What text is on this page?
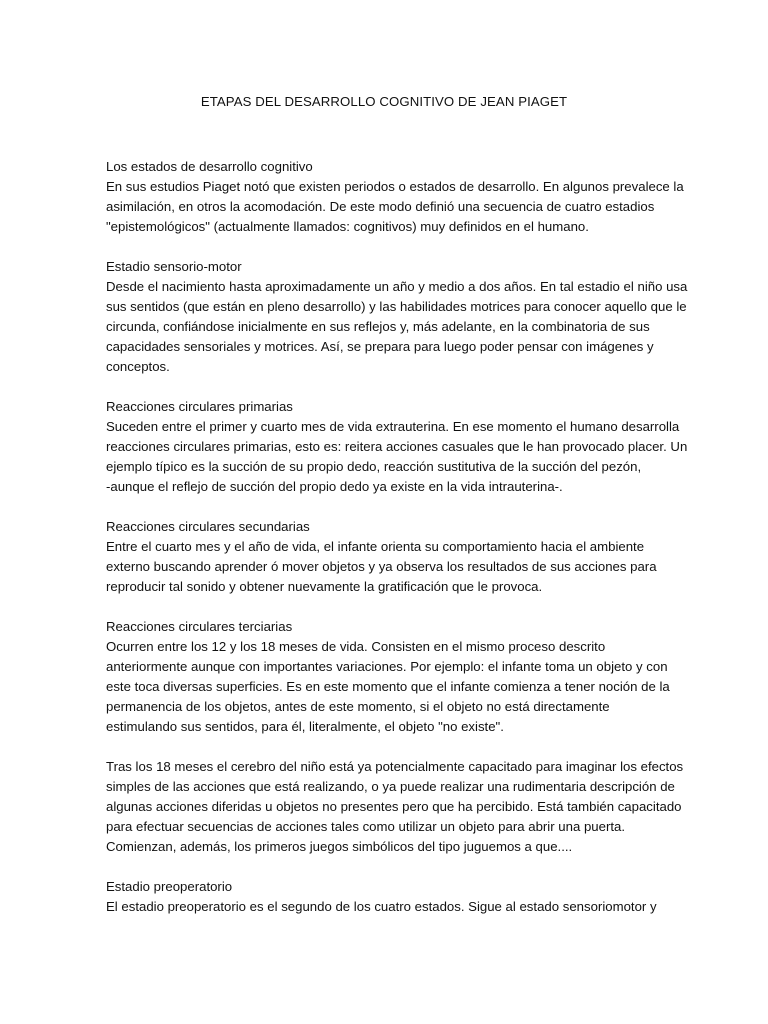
ETAPAS DEL DESARROLLO COGNITIVO DE JEAN PIAGET
Los estados de desarrollo cognitivo
En sus estudios Piaget notó que existen periodos o estados de desarrollo. En algunos prevalece la
asimilación, en otros la acomodación. De este modo definió una secuencia de cuatro estadios
"epistemológicos" (actualmente llamados: cognitivos) muy definidos en el humano.
Estadio sensorio-motor
Desde el nacimiento hasta aproximadamente un año y medio a dos años. En tal estadio el niño usa
sus sentidos (que están en pleno desarrollo) y las habilidades motrices para conocer aquello que le
circunda, confiándose inicialmente en sus reflejos y, más adelante, en la combinatoria de sus
capacidades sensoriales y motrices. Así, se prepara para luego poder pensar con imágenes y
conceptos.
Reacciones circulares primarias
Suceden entre el primer y cuarto mes de vida extrauterina. En ese momento el humano desarrolla
reacciones circulares primarias, esto es: reitera acciones casuales que le han provocado placer. Un
ejemplo típico es la succión de su propio dedo, reacción sustitutiva de la succión del pezón,
-aunque el reflejo de succión del propio dedo ya existe en la vida intrauterina-.
Reacciones circulares secundarias
Entre el cuarto mes y el año de vida, el infante orienta su comportamiento hacia el ambiente
externo buscando aprender ó mover objetos y ya observa los resultados de sus acciones para
reproducir tal sonido y obtener nuevamente la gratificación que le provoca.
Reacciones circulares terciarias
Ocurren entre los 12 y los 18 meses de vida. Consisten en el mismo proceso descrito
anteriormente aunque con importantes variaciones. Por ejemplo: el infante toma un objeto y con
este toca diversas superficies. Es en este momento que el infante comienza a tener noción de la
permanencia de los objetos, antes de este momento, si el objeto no está directamente
estimulando sus sentidos, para él, literalmente, el objeto "no existe".
Tras los 18 meses el cerebro del niño está ya potencialmente capacitado para imaginar los efectos
simples de las acciones que está realizando, o ya puede realizar una rudimentaria descripción de
algunas acciones diferidas u objetos no presentes pero que ha percibido. Está también capacitado
para efectuar secuencias de acciones tales como utilizar un objeto para abrir una puerta.
Comienzan, además, los primeros juegos simbólicos del tipo juguemos a que....
Estadio preoperatorio
El estadio preoperatorio es el segundo de los cuatro estados. Sigue al estado sensoriomotor y
